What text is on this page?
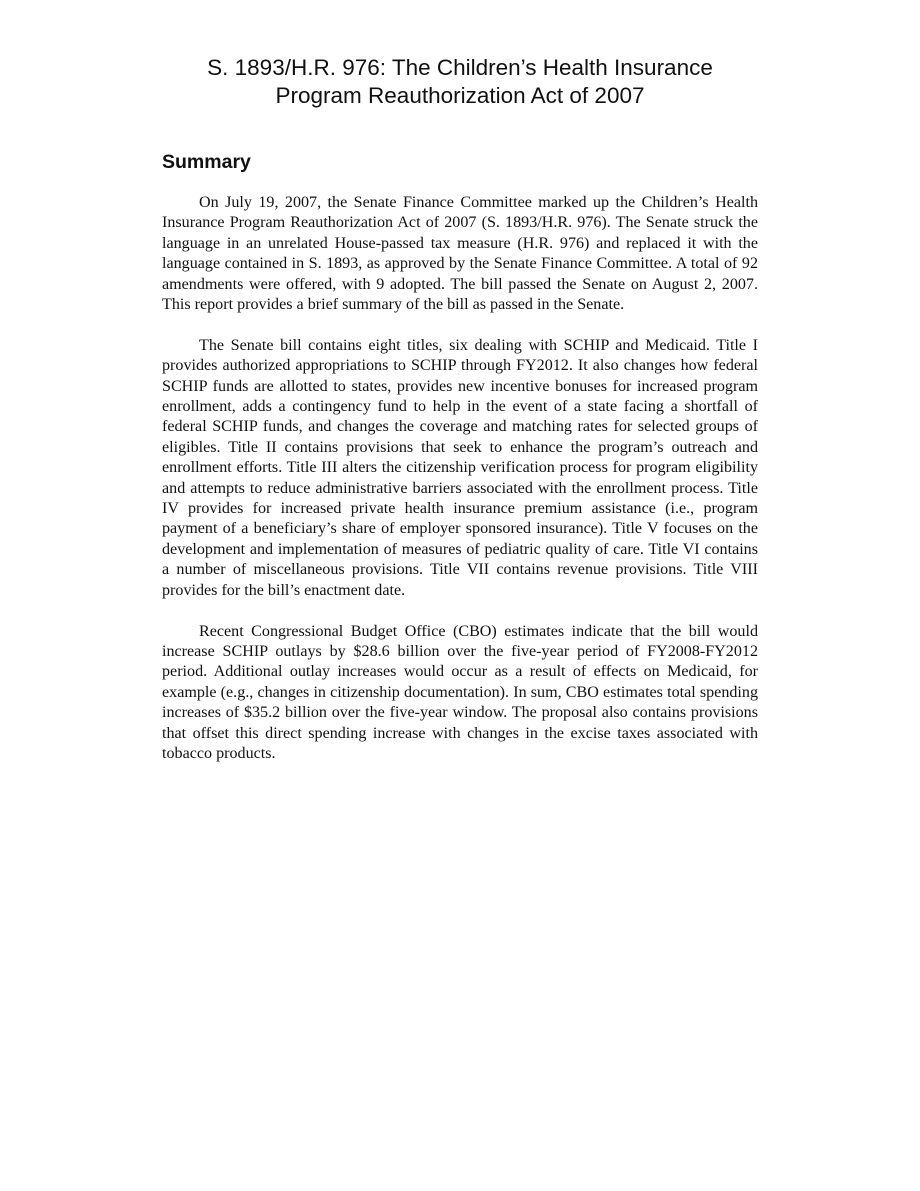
S. 1893/H.R. 976: The Children’s Health Insurance
Program Reauthorization Act of 2007
Summary

On July 19, 2007, the Senate Finance Committee marked up the Children’s Health Insurance Program Reauthorization Act of 2007 (S. 1893/H.R. 976). The Senate struck the language in an unrelated House-passed tax measure (H.R. 976) and replaced it with the language contained in S. 1893, as approved by the Senate Finance Committee. A total of 92 amendments were offered, with 9 adopted. The bill passed the Senate on August 2, 2007. This report provides a brief summary of the bill as passed in the Senate.

The Senate bill contains eight titles, six dealing with SCHIP and Medicaid. Title I provides authorized appropriations to SCHIP through FY2012. It also changes how federal SCHIP funds are allotted to states, provides new incentive bonuses for increased program enrollment, adds a contingency fund to help in the event of a state facing a shortfall of federal SCHIP funds, and changes the coverage and matching rates for selected groups of eligibles. Title II contains provisions that seek to enhance the program’s outreach and enrollment efforts. Title III alters the citizenship verification process for program eligibility and attempts to reduce administrative barriers associated with the enrollment process. Title IV provides for increased private health insurance premium assistance (i.e., program payment of a beneficiary’s share of employer sponsored insurance). Title V focuses on the development and implementation of measures of pediatric quality of care. Title VI contains a number of miscellaneous provisions. Title VII contains revenue provisions. Title VIII provides for the bill’s enactment date.

Recent Congressional Budget Office (CBO) estimates indicate that the bill would increase SCHIP outlays by $28.6 billion over the five-year period of FY2008-FY2012 period. Additional outlay increases would occur as a result of effects on Medicaid, for example (e.g., changes in citizenship documentation). In sum, CBO estimates total spending increases of $35.2 billion over the five-year window. The proposal also contains provisions that offset this direct spending increase with changes in the excise taxes associated with tobacco products.
